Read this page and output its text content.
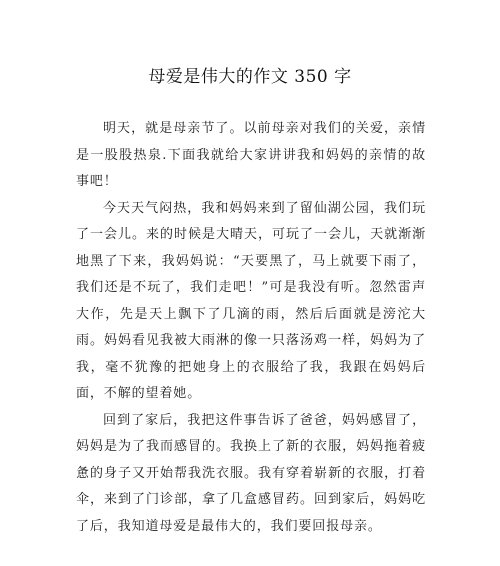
母爱是伟大的作文 350 字

明天，就是母亲节了。以前母亲对我们的关爱，亲情是一股股热泉.下面我就给大家讲讲我和妈妈的亲情的故事吧！

今天天气闷热，我和妈妈来到了留仙湖公园，我们玩了一会儿。来的时候是大晴天，可玩了一会儿，天就渐渐地黑了下来，我妈妈说：“天要黑了，马上就要下雨了，我们还是不玩了，我们走吧！”可是我没有听。忽然雷声大作，先是天上飘下了几滴的雨，然后后面就是滂沱大雨。妈妈看见我被大雨淋的像一只落汤鸡一样，妈妈为了我，毫不犹豫的把她身上的衣服给了我，我跟在妈妈后面，不解的望着她。

回到了家后，我把这件事告诉了爸爸，妈妈感冒了，妈妈是为了我而感冒的。我换上了新的衣服，妈妈拖着疲惫的身子又开始帮我洗衣服。我有穿着崭新的衣服，打着伞，来到了门诊部，拿了几盒感冒药。回到家后，妈妈吃了后，我知道母爱是最伟大的，我们要回报母亲。
